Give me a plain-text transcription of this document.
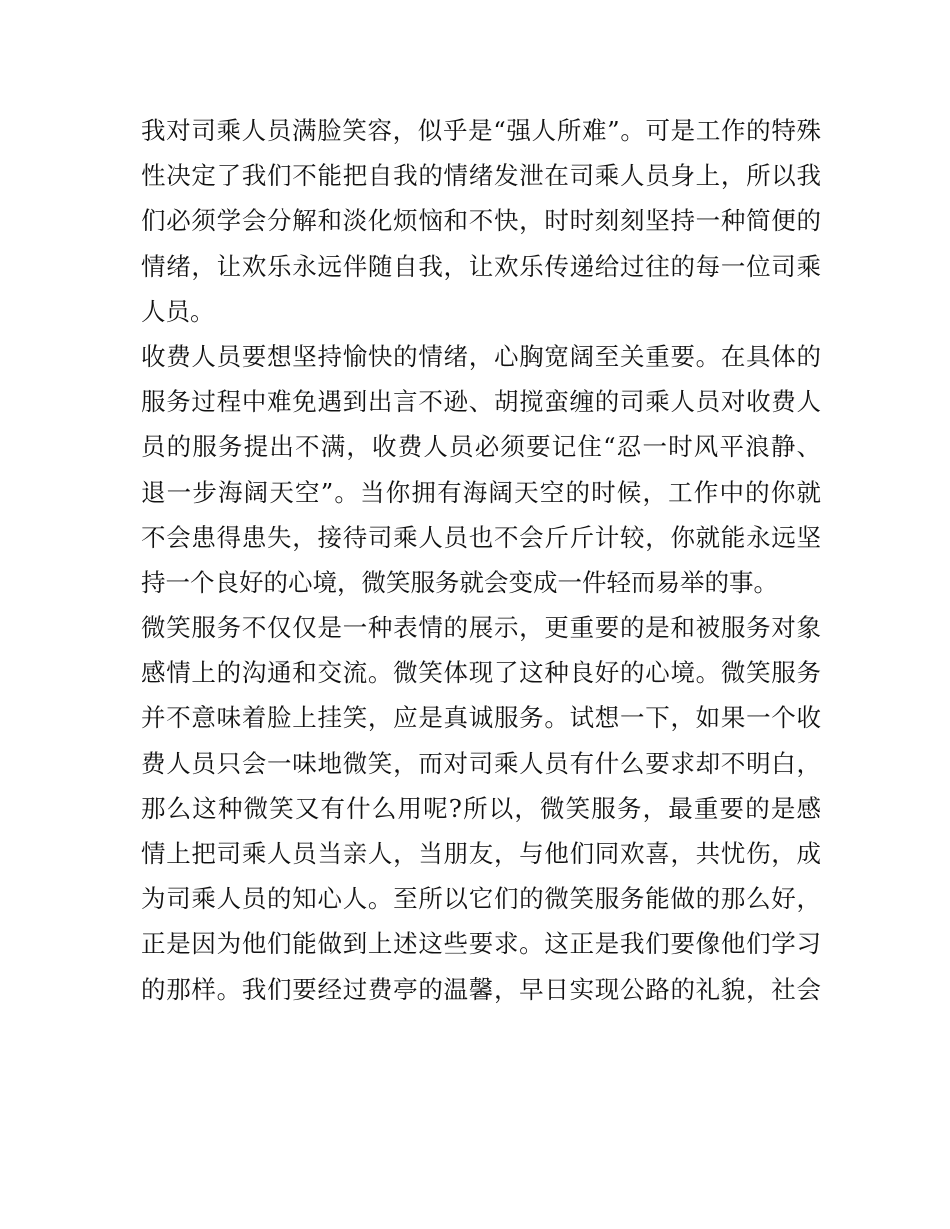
我对司乘人员满脸笑容，似乎是“强人所难”。可是工作的特殊
性决定了我们不能把自我的情绪发泄在司乘人员身上，所以我
们必须学会分解和淡化烦恼和不快，时时刻刻坚持一种简便的
情绪，让欢乐永远伴随自我，让欢乐传递给过往的每一位司乘
人员。
收费人员要想坚持愉快的情绪，心胸宽阔至关重要。在具体的
服务过程中难免遇到出言不逊、胡搅蛮缠的司乘人员对收费人
员的服务提出不满，收费人员必须要记住“忍一时风平浪静、
退一步海阔天空”。当你拥有海阔天空的时候，工作中的你就
不会患得患失，接待司乘人员也不会斤斤计较，你就能永远坚
持一个良好的心境，微笑服务就会变成一件轻而易举的事。
微笑服务不仅仅是一种表情的展示，更重要的是和被服务对象
感情上的沟通和交流。微笑体现了这种良好的心境。微笑服务
并不意味着脸上挂笑，应是真诚服务。试想一下，如果一个收
费人员只会一味地微笑，而对司乘人员有什么要求却不明白，
那么这种微笑又有什么用呢?所以，微笑服务，最重要的是感
情上把司乘人员当亲人，当朋友，与他们同欢喜，共忧伤，成
为司乘人员的知心人。至所以它们的微笑服务能做的那么好，
正是因为他们能做到上述这些要求。这正是我们要像他们学习
的那样。我们要经过费亭的温馨，早日实现公路的礼貌，社会
